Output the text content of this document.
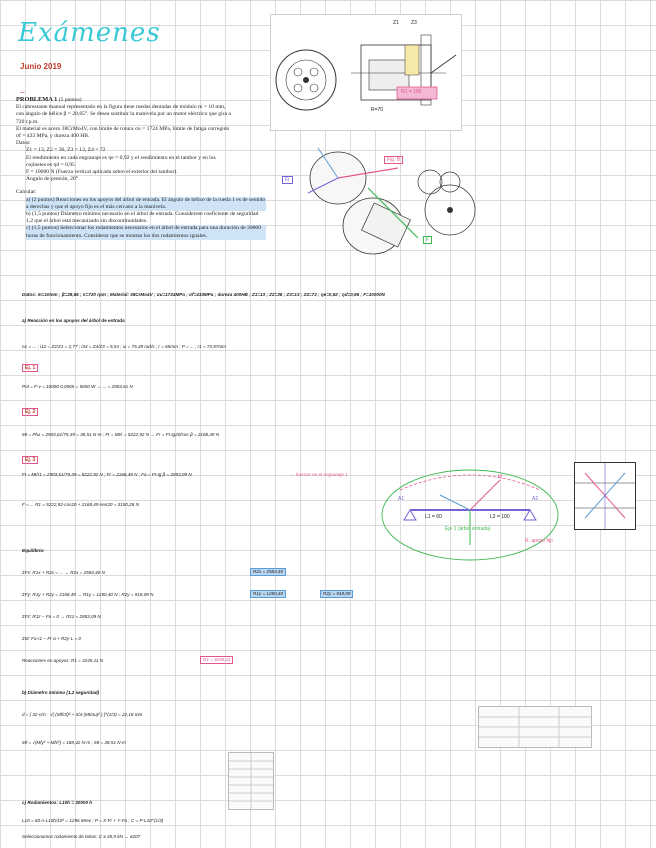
Exámenes
Junio 2019
_
PROBLEMA 1 (5 puntos)
El cabrestante manual representado en la figura tiene ruedas dentadas de módulo m = 10 mm,
con ángulo de hélice β = 28,65°. Se desea sustituir la manivela por un motor eléctrico que gira a
720 r.p.m.
El material es acero 38CrMo4V, con límite de rotura σu = 1724 MPa, límite de fatiga corregido
σf = 433 MPa, y dureza 400 HB.
Datos:
Z1 = 13, Z2 = 36, Z3 = 13, Z4 = 72
El rendimiento en cada engranaje es ηe = 0,92 y el rendimiento en el tambor y en los
cojinetes es ηd = 0,95
F = 10000 N (Fuerza vertical aplicada sobre el exterior del tambor).
Ángulo de presión, 20°
Calcular:
a) (2 puntos) Reacciones en los apoyos del árbol de entrada. El ángulo de hélice de la rueda 1 es de sentido a derechas y que el apoyo fijo es el más cercano a la manivela.
b) (1,5 puntos) Diámetro mínimo necesario en el árbol de entrada. Considerese coeficiente de seguridad 1,2 que el árbol está mecanizado sin discontinuidades.
c) (1,5 puntos) Seleccionar los rodamientos necesarios en el árbol de entrada para una duración de 30000 horas de funcionamiento. Considerar que se montan los dos rodamientos iguales.
Z1 Z3
R=70
R1 = 100
Fig. B
Fr
F
Datos: m=10mm ; β=28,65 ; n=720 rpm ; Material: 38CrMo4V ; σu=1724MPa ; σf=433MPa ; dureza 400HB ; Z1=13 ; Z2=36 ; Z3=13 ; Z4=72 ; ηe=0,92 ; ηd=0,95 ; F=10000N
a) Reacción en los apoyos del árbol de entrada
n1 = ... ; i12 = Z2/Z1 = 2,77 ; i34 = Z4/Z3 = 5,54 ; ω = 75,39 rad/s ; r = 65mm ; P = ... ; r1 = 73,97mm
Ej. 1
Pot = F·v = 10000·0,0565 = 5650 W → ... = 2903,61 N
Ej. 2
Mt = P/ω = 2903,61/75,39 = 38,51 N·m ; Ft = Mt/r = 5222,92 N → Fr = Ft·tg20/cos β = 2168,49 N
Ej. 3
Ft = Mt/r1 = 2903,61/75,39 = 5222,92 N ; Fr = 2168,49 N ; Fa = Ft·tg β = 2853,09 N	→ fuerzas en el engranaje 1
F = ... R1 = 5222,92·cos20 + 2168,49·sen20 = 3150,28 N
A1	A2
L1 = 60	L2 = 100
Eje 1 (árbol entrada)
Ft
R. apoyo fijo
Equilibrio:
ΣFx: R1x + R2x = ... → R2x = 2583,40 N	R2x = 2583,40
ΣFy: R1y + R2y = 2168,49 → R1y = 1250,40 N ; R2y = 918,09 N	R1y = 1250,40	R2y = 918,09
ΣFz: R1z − Fa = 0 → R1z = 2853,09 N
ΣM: Fa·r1 − Fr·a + R2y·L = 0
Reacciones en apoyos: R1 = 3245,11 N	R1 = 3245,11
b) Diámetro mínimo (1,2 seguridad)
d = [ 32·n/π · √( (Mf/σf)² + 3/4·(Mt/σu)² ) ]^(1/3) = 22,18 mm
Mf = √(Mfy² + Mfz²) = 188,42 N·m ; Mt = 38,51 N·m
c) Rodamientos: L10h = 30000 h
L10 = 60·n·L10h/10⁶ = 1296 Mrev ; P = X·Fr + Y·Fa ; C = P·L10^(1/3)
Seleccionamos rodamiento de bolas: C ≥ 35,9 kN → 6207
